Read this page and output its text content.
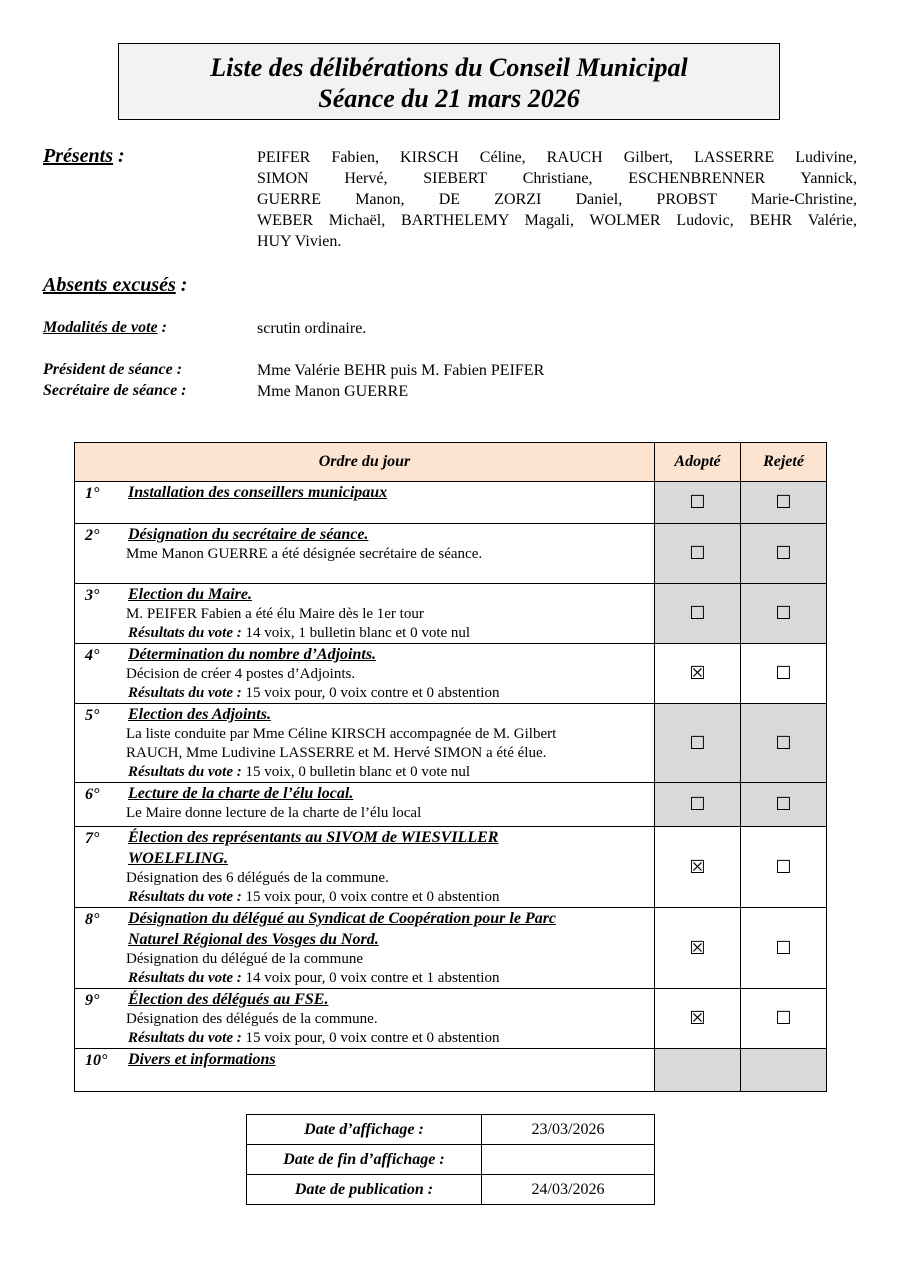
Liste des délibérations du Conseil Municipal
Séance du 21 mars 2026
Présents :	PEIFER Fabien, KIRSCH Céline, RAUCH Gilbert, LASSERRE Ludivine,
SIMON Hervé, SIEBERT Christiane, ESCHENBRENNER Yannick,
GUERRE Manon, DE ZORZI Daniel, PROBST Marie-Christine,
WEBER Michaël, BARTHELEMY Magali, WOLMER Ludovic, BEHR Valérie,
HUY Vivien.
Absents excusés :
Modalités de vote :	scrutin ordinaire.
Président de séance :	Mme Valérie BEHR puis M. Fabien PEIFER
Secrétaire de séance :	Mme Manon GUERRE
Ordre du jour	Adopté	Rejeté

1° Installation des conseillers municipaux	☐	☐

2° Désignation du secrétaire de séance.
Mme Manon GUERRE a été désignée secrétaire de séance.	☐	☐

3° Election du Maire.
M. PEIFER Fabien a été élu Maire dès le 1er tour
Résultats du vote : 14 voix, 1 bulletin blanc et 0 vote nul	☐	☐

4° Détermination du nombre d’Adjoints.
Décision de créer 4 postes d’Adjoints.
Résultats du vote : 15 voix pour, 0 voix contre et 0 abstention	☒	☐

5° Election des Adjoints.
La liste conduite par Mme Céline KIRSCH accompagnée de M. Gilbert
RAUCH, Mme Ludivine LASSERRE et M. Hervé SIMON a été élue.
Résultats du vote : 15 voix, 0 bulletin blanc et 0 vote nul	☐	☐

6° Lecture de la charte de l’élu local.
Le Maire donne lecture de la charte de l’élu local	☐	☐

7° Élection des représentants au SIVOM de WIESVILLER
WOELFLING.
Désignation des 6 délégués de la commune.
Résultats du vote : 15 voix pour, 0 voix contre et 0 abstention	☒	☐

8° Désignation du délégué au Syndicat de Coopération pour le Parc
Naturel Régional des Vosges du Nord.
Désignation du délégué de la commune
Résultats du vote : 14 voix pour, 0 voix contre et 1 abstention	☒	☐

9° Élection des délégués au FSE.
Désignation des délégués de la commune.
Résultats du vote : 15 voix pour, 0 voix contre et 0 abstention	☒	☐

10° Divers et informations		

Date d’affichage :	23/03/2026
Date de fin d’affichage :	
Date de publication :	24/03/2026
